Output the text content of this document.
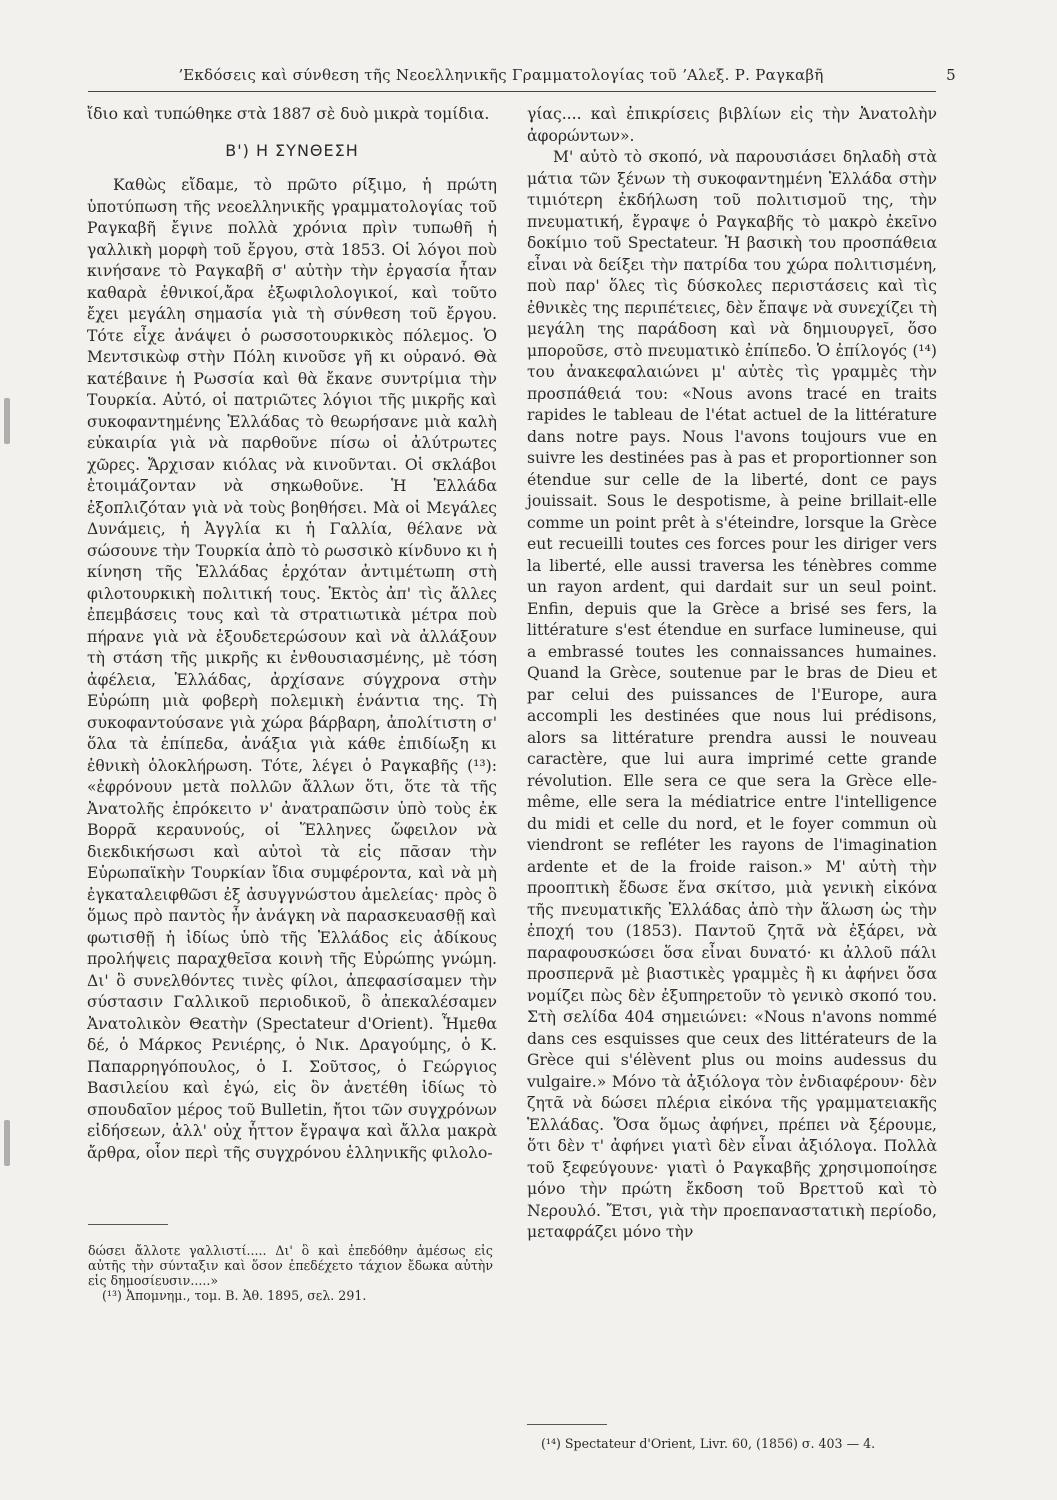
ʼΕκδόσεις καὶ σύνθεση τῆς Νεοελληνικῆς Γραμματολογίας τοῦ ʼΑλεξ. Ρ. Ραγκαβῆ	5

ἴδιο καὶ τυπώθηκε στὰ 1887 σὲ δυὸ μικρὰ τομίδια.

Β') Η ΣΥΝΘΕΣΗ

Καθὼς εἴδαμε, τὸ πρῶτο ρίξιμο, ἡ πρώτη ὑποτύπωση τῆς νεοελληνικῆς γραμματολογίας τοῦ Ραγκαβῆ ἔγινε πολλὰ χρόνια πρὶν τυπωθῆ ἡ γαλλικὴ μορφὴ τοῦ ἔργου, στὰ 1853. Οἱ λόγοι ποὺ κινήσανε τὸ Ραγκαβῆ σ' αὐτὴν τὴν ἐργασία ἦταν καθαρὰ ἐθνικοί,ἄρα ἐξωφιλολογικοί, καὶ τοῦτο ἔχει μεγάλη σημασία γιὰ τὴ σύνθεση τοῦ ἔργου. Τότε εἶχε ἀνάψει ὁ ρωσσοτουρκικὸς πόλεμος. Ὁ Μεντσικὼφ στὴν Πόλη κινοῦσε γῆ κι οὐρανό. Θὰ κατέβαινε ἡ Ρωσσία καὶ θὰ ἔκανε συντρίμια τὴν Τουρκία. Αὐτό, οἱ πατριῶτες λόγιοι τῆς μικρῆς καὶ συκοφαντημένης Ἑλλάδας τὸ θεωρήσανε μιὰ καλὴ εὐκαιρία γιὰ νὰ παρθοῦνε πίσω οἱ ἀλύτρωτες χῶρες. Ἄρχισαν κιόλας νὰ κινοῦνται. Οἱ σκλάβοι ἑτοιμάζονταν νὰ σηκωθοῦνε. Ἡ Ἑλλάδα ἐξοπλιζόταν γιὰ νὰ τοὺς βοηθήσει. Μὰ οἱ Μεγάλες Δυνάμεις, ἡ Ἀγγλία κι ἡ Γαλλία, θέλανε νὰ σώσουνε τὴν Τουρκία ἀπὸ τὸ ρωσσικὸ κίνδυνο κι ἡ κίνηση τῆς Ἑλλάδας ἐρχόταν ἀντιμέτωπη στὴ φιλοτουρκικὴ πολιτική τους. Ἐκτὸς ἀπ' τὶς ἄλλες ἐπεμβάσεις τους καὶ τὰ στρατιωτικὰ μέτρα ποὺ πήρανε γιὰ νὰ ἐξουδετερώσουν καὶ νὰ ἀλλάξουν τὴ στάση τῆς μικρῆς κι ἐνθουσιασμένης, μὲ τόση ἀφέλεια, Ἑλλάδας, ἀρχίσανε σύγχρονα στὴν Εὐρώπη μιὰ φοβερὴ πολεμικὴ ἐνάντια της. Τὴ συκοφαντούσανε γιὰ χώρα βάρβαρη, ἀπολίτιστη σ' ὅλα τὰ ἐπίπεδα, ἀνάξια γιὰ κάθε ἐπιδίωξη κι ἐθνικὴ ὁλοκλήρωση. Τότε, λέγει ὁ Ραγκαβῆς (¹³): «ἐφρόνουν μετὰ πολλῶν ἄλλων ὅτι, ὅτε τὰ τῆς Ἀνατολῆς ἐπρόκειτο ν' ἀνατραπῶσιν ὑπὸ τοὺς ἐκ Βορρᾶ κεραυνούς, οἱ Ἕλληνες ὤφειλον νὰ διεκδικήσωσι καὶ αὐτοὶ τὰ εἰς πᾶσαν τὴν Εὐρωπαϊκὴν Τουρκίαν ἴδια συμφέροντα, καὶ νὰ μὴ ἐγκαταλειφθῶσι ἐξ ἀσυγγνώστου ἀμελείας· πρὸς ὃ ὅμως πρὸ παντὸς ἦν ἀνάγκη νὰ παρασκευασθῇ καὶ φωτισθῇ ἡ ἰδίως ὑπὸ τῆς Ἑλλάδος εἰς ἀδίκους προλήψεις παραχθεῖσα κοινὴ τῆς Εὐρώπης γνώμη. Δι' ὃ συνελθόντες τινὲς φίλοι, ἀπεφασίσαμεν τὴν σύστασιν Γαλλικοῦ περιοδικοῦ, ὃ ἀπεκαλέσαμεν Ἀνατολικὸν Θεατὴν (Spectateur d'Orient). Ἦμεθα δέ, ὁ Μάρκος Ρενιέρης, ὁ Νικ. Δραγούμης, ὁ Κ. Παπαρρηγόπουλος, ὁ Ι. Σοῦτσος, ὁ Γεώργιος Βασιλείου καὶ ἐγώ, εἰς ὃν ἀνετέθη ἰδίως τὸ σπουδαῖον μέρος τοῦ Bulletin, ἤτοι τῶν συγχρόνων εἰδήσεων, ἀλλ' οὐχ ἧττον ἔγραψα καὶ ἄλλα μακρὰ ἄρθρα, οἷον περὶ τῆς συγχρόνου ἑλληνικῆς φιλολο-

δώσει ἄλλοτε γαλλιστί..... Δι' ὃ καὶ ἐπεδόθην ἀμέσως εἰς αὐτῆς τὴν σύνταξιν καὶ ὅσον ἐπεδέχετο τάχιον ἔδωκα αὐτὴν εἰς δημοσίευσιν.....»

(¹³) Ἀπομνημ., τομ. Β. Ἀθ. 1895, σελ. 291.

γίας.... καὶ ἐπικρίσεις βιβλίων εἰς τὴν Ἀνατολὴν ἀφορώντων».

Μ' αὐτὸ τὸ σκοπό, νὰ παρουσιάσει δηλαδὴ στὰ μάτια τῶν ξένων τὴ συκοφαντημένη Ἑλλάδα στὴν τιμιότερη ἐκδήλωση τοῦ πολιτισμοῦ της, τὴν πνευματική, ἔγραψε ὁ Ραγκαβῆς τὸ μακρὸ ἐκεῖνο δοκίμιο τοῦ Spectateur. Ἡ βασικὴ του προσπάθεια εἶναι νὰ δείξει τὴν πατρίδα του χώρα πολιτισμένη, ποὺ παρ' ὅλες τὶς δύσκολες περιστάσεις καὶ τὶς ἐθνικὲς της περιπέτειες, δὲν ἔπαψε νὰ συνεχίζει τὴ μεγάλη της παράδοση καὶ νὰ δημιουργεῖ, ὅσο μποροῦσε, στὸ πνευματικὸ ἐπίπεδο. Ὁ ἐπίλογός (¹⁴) του ἀνακεφαλαιώνει μ' αὐτὲς τὶς γραμμὲς τὴν προσπάθειά του: «Nous avons tracé en traits rapides le tableau de l'état actuel de la littérature dans notre pays. Nous l'avons toujours vue en suivre les destinées pas à pas et proportionner son étendue sur celle de la liberté, dont ce pays jouissait. Sous le despotisme, à peine brillait-elle comme un point prêt à s'éteindre, lorsque la Grèce eut recueilli toutes ces forces pour les diriger vers la liberté, elle aussi traversa les ténèbres comme un rayon ardent, qui dardait sur un seul point. Enfin, depuis que la Grèce a brisé ses fers, la littérature s'est étendue en surface lumineuse, qui a embrassé toutes les connaissances humaines. Quand la Grèce, soutenue par le bras de Dieu et par celui des puissances de l'Europe, aura accompli les destinées que nous lui prédisons, alors sa littérature prendra aussi le nouveau caractère, que lui aura imprimé cette grande révolution. Elle sera ce que sera la Grèce elle-même, elle sera la médiatrice entre l'intelligence du midi et celle du nord, et le foyer commun où viendront se refléter les rayons de l'imagination ardente et de la froide raison.» Μ' αὐτὴ τὴν προοπτικὴ ἔδωσε ἕνα σκίτσο, μιὰ γενικὴ εἰκόνα τῆς πνευματικῆς Ἑλλάδας ἀπὸ τὴν ἅλωση ὡς τὴν ἐποχή του (1853). Παντοῦ ζητᾶ νὰ ἐξάρει, νὰ παραφουσκώσει ὅσα εἶναι δυνατό· κι ἀλλοῦ πάλι προσπερνᾶ μὲ βιαστικὲς γραμμὲς ἢ κι ἀφήνει ὅσα νομίζει πὼς δὲν ἐξυπηρετοῦν τὸ γενικὸ σκοπό του. Στὴ σελίδα 404 σημειώνει: «Nous n'avons nommé dans ces esquisses que ceux des littérateurs de la Grèce qui s'élèvent plus ou moins audessus du vulgaire.» Μόνο τὰ ἀξιόλογα τὸν ἐνδιαφέρουν· δὲν ζητᾶ νὰ δώσει πλέρια εἰκόνα τῆς γραμματειακῆς Ἑλλάδας. Ὅσα ὅμως ἀφήνει, πρέπει νὰ ξέρουμε, ὅτι δὲν τ' ἀφήνει γιατὶ δὲν εἶναι ἀξιόλογα. Πολλὰ τοῦ ξεφεύγουνε· γιατὶ ὁ Ραγκαβῆς χρησιμοποίησε μόνο τὴν πρώτη ἔκδοση τοῦ Βρεττοῦ καὶ τὸ Νερουλό. Ἔτσι, γιὰ τὴν προεπαναστατικὴ περίοδο, μεταφράζει μόνο τὴν

(¹⁴) Spectateur d'Orient, Livr. 60, (1856) σ. 403 — 4.
